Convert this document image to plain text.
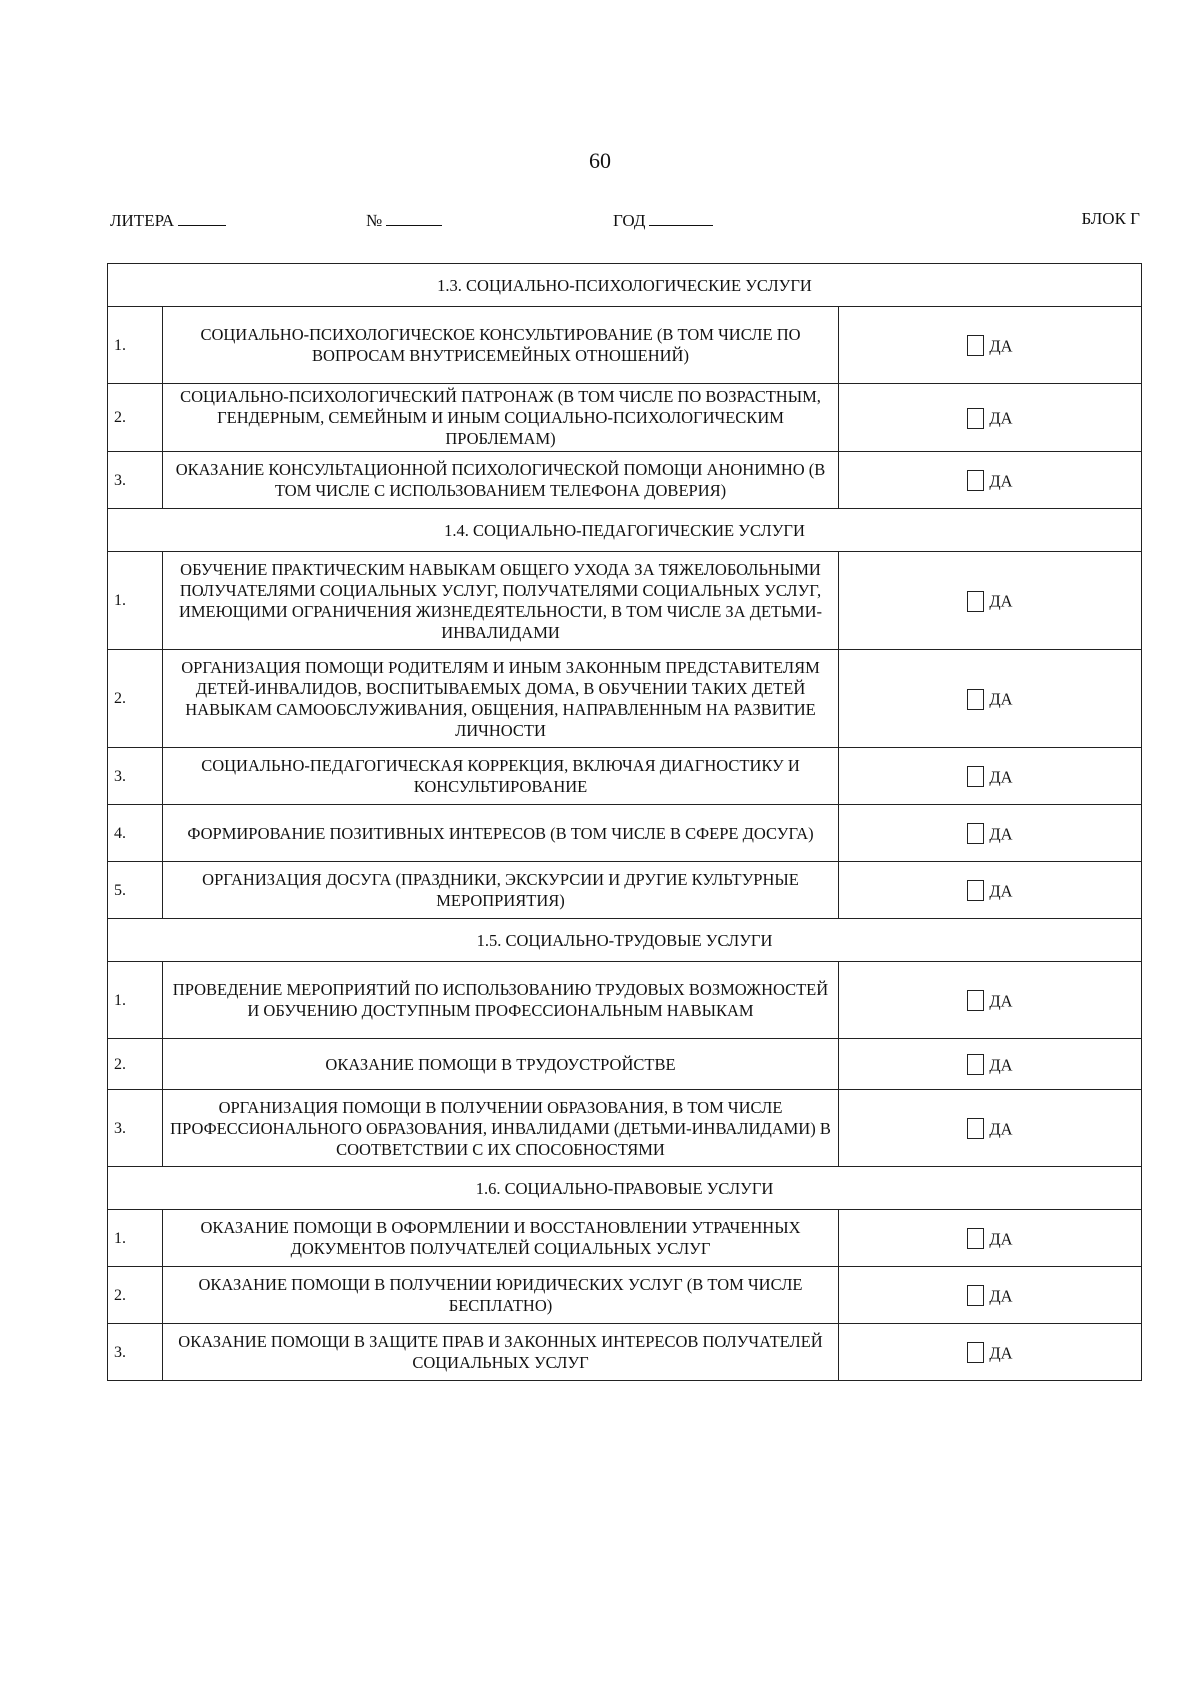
60
ЛИТЕРА	№	ГОД	БЛОК Г
1.3. СОЦИАЛЬНО-ПСИХОЛОГИЧЕСКИЕ УСЛУГИ		
1.	СОЦИАЛЬНО-ПСИХОЛОГИЧЕСКОЕ КОНСУЛЬТИРОВАНИЕ (В ТОМ ЧИСЛЕ ПО ВОПРОСАМ ВНУТРИСЕМЕЙНЫХ ОТНОШЕНИЙ)	ДА
2.	СОЦИАЛЬНО-ПСИХОЛОГИЧЕСКИЙ ПАТРОНАЖ (В ТОМ ЧИСЛЕ ПО ВОЗРАСТНЫМ, ГЕНДЕРНЫМ, СЕМЕЙНЫМ И ИНЫМ СОЦИАЛЬНО-ПСИХОЛОГИЧЕСКИМ ПРОБЛЕМАМ)	ДА
3.	ОКАЗАНИЕ КОНСУЛЬТАЦИОННОЙ ПСИХОЛОГИЧЕСКОЙ ПОМОЩИ АНОНИМНО (В ТОМ ЧИСЛЕ С ИСПОЛЬЗОВАНИЕМ ТЕЛЕФОНА ДОВЕРИЯ)	ДА
1.4. СОЦИАЛЬНО-ПЕДАГОГИЧЕСКИЕ УСЛУГИ		
1.	ОБУЧЕНИЕ ПРАКТИЧЕСКИМ НАВЫКАМ ОБЩЕГО УХОДА ЗА ТЯЖЕЛОБОЛЬНЫМИ ПОЛУЧАТЕЛЯМИ СОЦИАЛЬНЫХ УСЛУГ, ПОЛУЧАТЕЛЯМИ СОЦИАЛЬНЫХ УСЛУГ, ИМЕЮЩИМИ ОГРАНИЧЕНИЯ ЖИЗНЕДЕЯТЕЛЬНОСТИ, В ТОМ ЧИСЛЕ ЗА ДЕТЬМИ-ИНВАЛИДАМИ	ДА
2.	ОРГАНИЗАЦИЯ ПОМОЩИ РОДИТЕЛЯМ И ИНЫМ ЗАКОННЫМ ПРЕДСТАВИТЕЛЯМ ДЕТЕЙ-ИНВАЛИДОВ, ВОСПИТЫВАЕМЫХ ДОМА, В ОБУЧЕНИИ ТАКИХ ДЕТЕЙ НАВЫКАМ САМООБСЛУЖИВАНИЯ, ОБЩЕНИЯ, НАПРАВЛЕННЫМ НА РАЗВИТИЕ ЛИЧНОСТИ	ДА
3.	СОЦИАЛЬНО-ПЕДАГОГИЧЕСКАЯ КОРРЕКЦИЯ, ВКЛЮЧАЯ ДИАГНОСТИКУ И КОНСУЛЬТИРОВАНИЕ	ДА
4.	ФОРМИРОВАНИЕ ПОЗИТИВНЫХ ИНТЕРЕСОВ (В ТОМ ЧИСЛЕ В СФЕРЕ ДОСУГА)	ДА
5.	ОРГАНИЗАЦИЯ ДОСУГА (ПРАЗДНИКИ, ЭКСКУРСИИ И ДРУГИЕ КУЛЬТУРНЫЕ МЕРОПРИЯТИЯ)	ДА
1.5. СОЦИАЛЬНО-ТРУДОВЫЕ УСЛУГИ		
1.	ПРОВЕДЕНИЕ МЕРОПРИЯТИЙ ПО ИСПОЛЬЗОВАНИЮ ТРУДОВЫХ ВОЗМОЖНОСТЕЙ И ОБУЧЕНИЮ ДОСТУПНЫМ ПРОФЕССИОНАЛЬНЫМ НАВЫКАМ	ДА
2.	ОКАЗАНИЕ ПОМОЩИ В ТРУДОУСТРОЙСТВЕ	ДА
3.	ОРГАНИЗАЦИЯ ПОМОЩИ В ПОЛУЧЕНИИ ОБРАЗОВАНИЯ, В ТОМ ЧИСЛЕ ПРОФЕССИОНАЛЬНОГО ОБРАЗОВАНИЯ, ИНВАЛИДАМИ (ДЕТЬМИ-ИНВАЛИДАМИ) В СООТВЕТСТВИИ С ИХ СПОСОБНОСТЯМИ	ДА
1.6. СОЦИАЛЬНО-ПРАВОВЫЕ УСЛУГИ		
1.	ОКАЗАНИЕ ПОМОЩИ В ОФОРМЛЕНИИ И ВОССТАНОВЛЕНИИ УТРАЧЕННЫХ ДОКУМЕНТОВ ПОЛУЧАТЕЛЕЙ СОЦИАЛЬНЫХ УСЛУГ	ДА
2.	ОКАЗАНИЕ ПОМОЩИ В ПОЛУЧЕНИИ ЮРИДИЧЕСКИХ УСЛУГ (В ТОМ ЧИСЛЕ БЕСПЛАТНО)	ДА
3.	ОКАЗАНИЕ ПОМОЩИ В ЗАЩИТЕ ПРАВ И ЗАКОННЫХ ИНТЕРЕСОВ ПОЛУЧАТЕЛЕЙ СОЦИАЛЬНЫХ УСЛУГ	ДА
